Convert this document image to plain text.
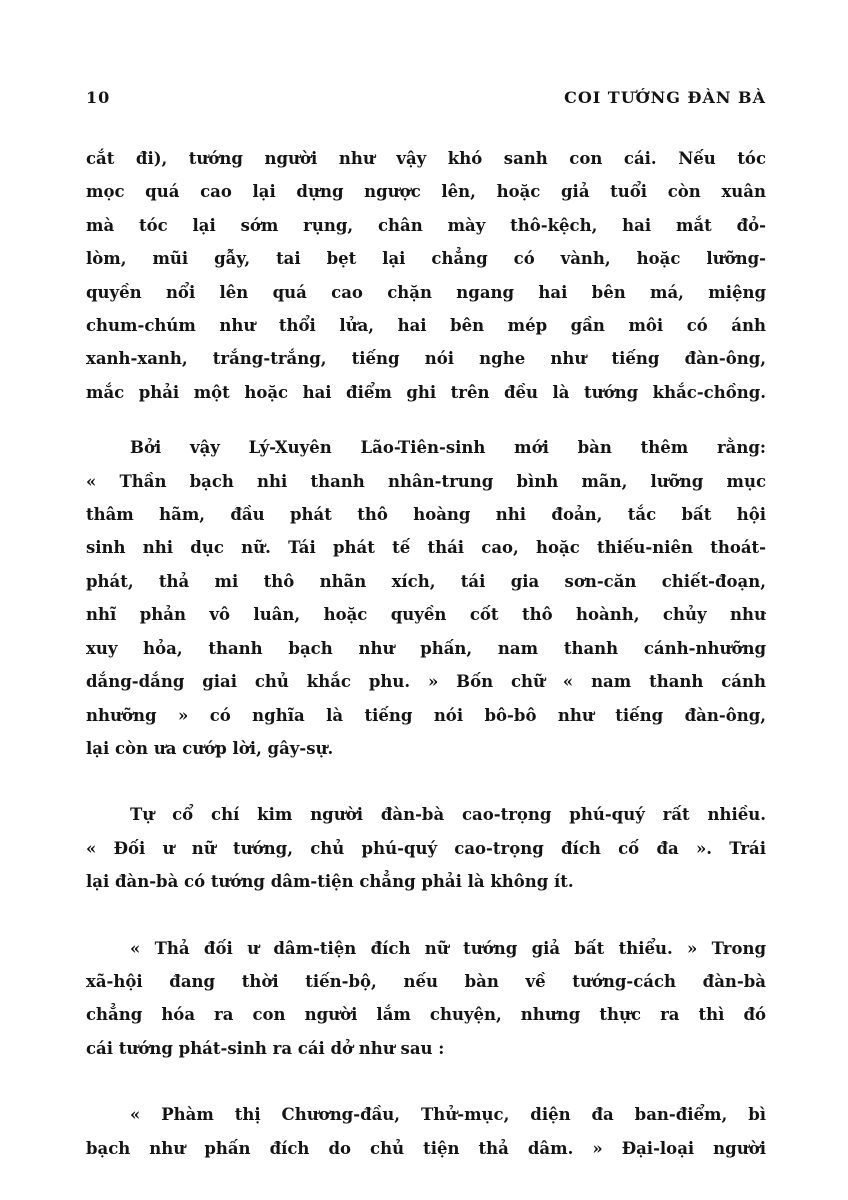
10	COI TƯỚNG ĐÀN BÀ

cắt đi), tướng người như vậy khó sanh con cái. Nếu tóc
mọc quá cao lại dựng ngược lên, hoặc giả tuổi còn xuân
mà tóc lại sớm rụng, chân mày thô-kệch, hai mắt đỏ-
lòm, mũi gẫy, tai bẹt lại chẳng có vành, hoặc lưỡng-
quyền nổi lên quá cao chặn ngang hai bên má, miệng
chum-chúm như thổi lửa, hai bên mép gần môi có ánh
xanh-xanh, trắng-trắng, tiếng nói nghe như tiếng đàn-ông,
mắc phải một hoặc hai điểm ghi trên đều là tướng khắc-chồng.

Bởi vậy Lý-Xuyên Lão-Tiên-sinh mới bàn thêm rằng:
« Thần bạch nhi thanh nhân-trung bình mãn, lưỡng mục
thâm hãm, đầu phát thô hoàng nhi đoản, tắc bất hội
sinh nhi dục nữ. Tái phát tế thái cao, hoặc thiếu-niên thoát-
phát, thả mi thô nhãn xích, tái gia sơn-căn chiết-đoạn,
nhĩ phản vô luân, hoặc quyền cốt thô hoành, chủy như
xuy hỏa, thanh bạch như phấn, nam thanh cánh-nhưỡng
dắng-dắng giai chủ khắc phu. » Bốn chữ « nam thanh cánh
nhưỡng » có nghĩa là tiếng nói bô-bô như tiếng đàn-ông,
lại còn ưa cướp lời, gây-sự.

Tự cổ chí kim người đàn-bà cao-trọng phú-quý rất nhiều.
« Đối ư nữ tướng, chủ phú-quý cao-trọng đích cố đa ». Trái
lại đàn-bà có tướng dâm-tiện chẳng phải là không ít.

« Thả đối ư dâm-tiện đích nữ tướng giả bất thiểu. » Trong
xã-hội đang thời tiến-bộ, nếu bàn về tướng-cách đàn-bà
chẳng hóa ra con người lắm chuyện, nhưng thực ra thì đó
cái tướng phát-sinh ra cái dở như sau :

« Phàm thị Chương-đầu, Thử-mục, diện đa ban-điểm, bì
bạch như phấn đích do chủ tiện thả dâm. » Đại-loại người
